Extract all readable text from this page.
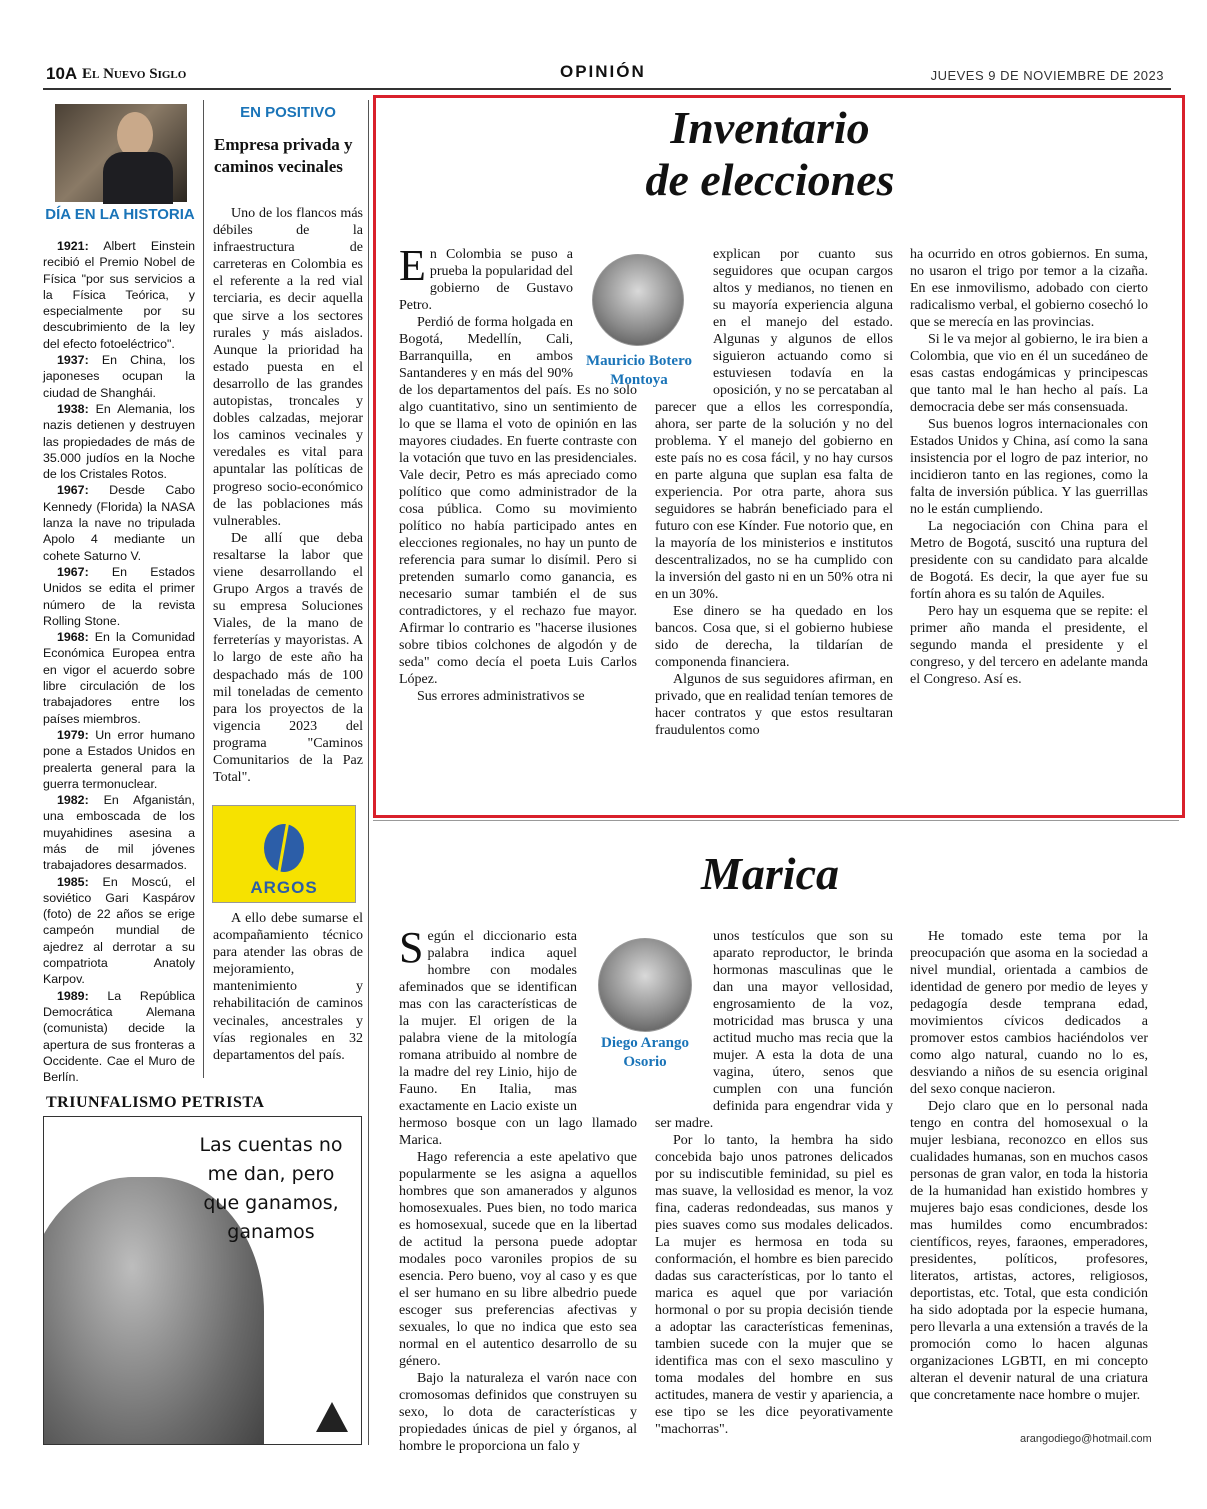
10A El Nuevo Siglo	OPINIÓN	JUEVES 9 DE NOVIEMBRE DE 2023
DÍA EN LA HISTORIA

1921: Albert Einstein recibió el Premio Nobel de Física "por sus servicios a la Física Teórica, y especialmente por su descubrimiento de la ley del efecto fotoeléctrico".

1937: En China, los japoneses ocupan la ciudad de Shanghái.

1938: En Alemania, los nazis detienen y destruyen las propiedades de más de 35.000 judíos en la Noche de los Cristales Rotos.

1967: Desde Cabo Kennedy (Florida) la NASA lanza la nave no tripulada Apolo 4 mediante un cohete Saturno V.

1967: En Estados Unidos se edita el primer número de la revista Rolling Stone.

1968: En la Comunidad Económica Europea entra en vigor el acuerdo sobre libre circulación de los trabajadores entre los países miembros.

1979: Un error humano pone a Estados Unidos en prealerta general para la guerra termonuclear.

1982: En Afganistán, una emboscada de los muyahidines asesina a más de mil jóvenes trabajadores desarmados.

1985: En Moscú, el soviético Gari Kaspárov (foto) de 22 años se erige campeón mundial de ajedrez al derrotar a su compatriota Anatoly Karpov.

1989: La República Democrática Alemana (comunista) decide la apertura de sus fronteras a Occidente. Cae el Muro de Berlín.

EN POSITIVO
Empresa privada y caminos vecinales

Uno de los flancos más débiles de la infraestructura de carreteras en Colombia es el referente a la red vial terciaria, es decir aquella que sirve a los sectores rurales y más aislados. Aunque la prioridad ha estado puesta en el desarrollo de las grandes autopistas, troncales y dobles calzadas, mejorar los caminos vecinales y veredales es vital para apuntalar las políticas de progreso socio-económico de las poblaciones más vulnerables.

De allí que deba resaltarse la labor que viene desarrollando el Grupo Argos a través de su empresa Soluciones Viales, de la mano de ferreterías y mayoristas. A lo largo de este año ha despachado más de 100 mil toneladas de cemento para los proyectos de la vigencia 2023 del programa "Caminos Comunitarios de la Paz Total".

ARGOS

A ello debe sumarse el acompañamiento técnico para atender las obras de mejoramiento, mantenimiento y rehabilitación de caminos vecinales, ancestrales y vías regionales en 32 departamentos del país.

TRIUNFALISMO PETRISTA
Las cuentas no me dan, pero que ganamos, ganamos
Inventario
de elecciones
Mauricio Botero Montoya

En Colombia se puso a prueba la popularidad del gobierno de Gustavo Petro.

Perdió de forma holgada en Bogotá, Medellín, Cali, Barranquilla, en ambos Santanderes y en más del 90% de los departamentos del país. Es no solo algo cuantitativo, sino un sentimiento de lo que se llama el voto de opinión en las mayores ciudades. En fuerte contraste con la votación que tuvo en las presidenciales. Vale decir, Petro es más apreciado como político que como administrador de la cosa pública. Como su movimiento político no había participado antes en elecciones regionales, no hay un punto de referencia para sumar lo disímil. Pero si pretenden sumarlo como ganancia, es necesario sumar también el de sus contradictores, y el rechazo fue mayor. Afirmar lo contrario es "hacerse ilusiones sobre tibios colchones de algodón y de seda" como decía el poeta Luis Carlos López.

Sus errores administrativos se

explican por cuanto sus seguidores que ocupan cargos altos y medianos, no tienen en su mayoría experiencia alguna en el manejo del estado. Algunas y algunos de ellos siguieron actuando como si estuviesen todavía en la oposición, y no se percataban al parecer que a ellos les correspondía, ahora, ser parte de la solución y no del problema. Y el manejo del gobierno en este país no es cosa fácil, y no hay cursos en parte alguna que suplan esa falta de experiencia. Por otra parte, ahora sus seguidores se habrán beneficiado para el futuro con ese Kínder. Fue notorio que, en la mayoría de los ministerios e institutos descentralizados, no se ha cumplido con la inversión del gasto ni en un 50% otra ni en un 30%.

Ese dinero se ha quedado en los bancos. Cosa que, si el gobierno hubiese sido de derecha, la tildarían de componenda financiera.

Algunos de sus seguidores afirman, en privado, que en realidad tenían temores de hacer contratos y que estos resultaran fraudulentos como

ha ocurrido en otros gobiernos. En suma, no usaron el trigo por temor a la cizaña. En ese inmovilismo, adobado con cierto radicalismo verbal, el gobierno cosechó lo que se merecía en las provincias.

Si le va mejor al gobierno, le ira bien a Colombia, que vio en él un sucedáneo de esas castas endogámicas y principescas que tanto mal le han hecho al país. La democracia debe ser más consensuada.

Sus buenos logros internacionales con Estados Unidos y China, así como la sana insistencia por el logro de paz interior, no incidieron tanto en las regiones, como la falta de inversión pública. Y las guerrillas no le están cumpliendo.

La negociación con China para el Metro de Bogotá, suscitó una ruptura del presidente con su candidato para alcalde de Bogotá. Es decir, la que ayer fue su fortín ahora es su talón de Aquiles.

Pero hay un esquema que se repite: el primer año manda el presidente, el segundo manda el presidente y el congreso, y del tercero en adelante manda el Congreso. Así es.

Marica
Diego Arango Osorio

Según el diccionario esta palabra indica aquel hombre con modales afeminados que se identifican mas con las características de la mujer. El origen de la palabra viene de la mitología romana atribuido al nombre de la madre del rey Linio, hijo de Fauno. En Italia, mas exactamente en Lacio existe un hermoso bosque con un lago llamado Marica.

Hago referencia a este apelativo que popularmente se les asigna a aquellos hombres que son amanerados y algunos homosexuales. Pues bien, no todo marica es homosexual, sucede que en la libertad de actitud la persona puede adoptar modales poco varoniles propios de su esencia. Pero bueno, voy al caso y es que el ser humano en su libre albedrio puede escoger sus preferencias afectivas y sexuales, lo que no indica que esto sea normal en el autentico desarrollo de su género.

Bajo la naturaleza el varón nace con cromosomas definidos que construyen su sexo, lo dota de características y propiedades únicas de piel y órganos, al hombre le proporciona un falo y

unos testículos que son su aparato reproductor, le brinda hormonas masculinas que le dan una mayor vellosidad, engrosamiento de la voz, motricidad mas brusca y una actitud mucho mas recia que la mujer. A esta la dota de una vagina, útero, senos que cumplen con una función definida para engendrar vida y ser madre.

Por lo tanto, la hembra ha sido concebida bajo unos patrones delicados por su indiscutible feminidad, su piel es mas suave, la vellosidad es menor, la voz fina, caderas redondeadas, sus manos y pies suaves como sus modales delicados. La mujer es hermosa en toda su conformación, el hombre es bien parecido dadas sus características, por lo tanto el marica es aquel que por variación hormonal o por su propia decisión tiende a adoptar las características femeninas, tambien sucede con la mujer que se identifica mas con el sexo masculino y toma modales del hombre en sus actitudes, manera de vestir y apariencia, a ese tipo se les dice peyorativamente "machorras".

He tomado este tema por la preocupación que asoma en la sociedad a nivel mundial, orientada a cambios de identidad de genero por medio de leyes y pedagogía desde temprana edad, movimientos cívicos dedicados a promover estos cambios haciéndolos ver como algo natural, cuando no lo es, desviando a niños de su esencia original del sexo conque nacieron.

Dejo claro que en lo personal nada tengo en contra del homosexual o la mujer lesbiana, reconozco en ellos sus cualidades humanas, son en muchos casos personas de gran valor, en toda la historia de la humanidad han existido hombres y mujeres bajo esas condiciones, desde los mas humildes como encumbrados: científicos, reyes, faraones, emperadores, presidentes, políticos, profesores, literatos, artistas, actores, religiosos, deportistas, etc. Total, que esta condición ha sido adoptada por la especie humana, pero llevarla a una extensión a través de la promoción como lo hacen algunas organizaciones LGBTI, en mi concepto alteran el devenir natural de una criatura que concretamente nace hombre o mujer.

arangodiego@hotmail.com
